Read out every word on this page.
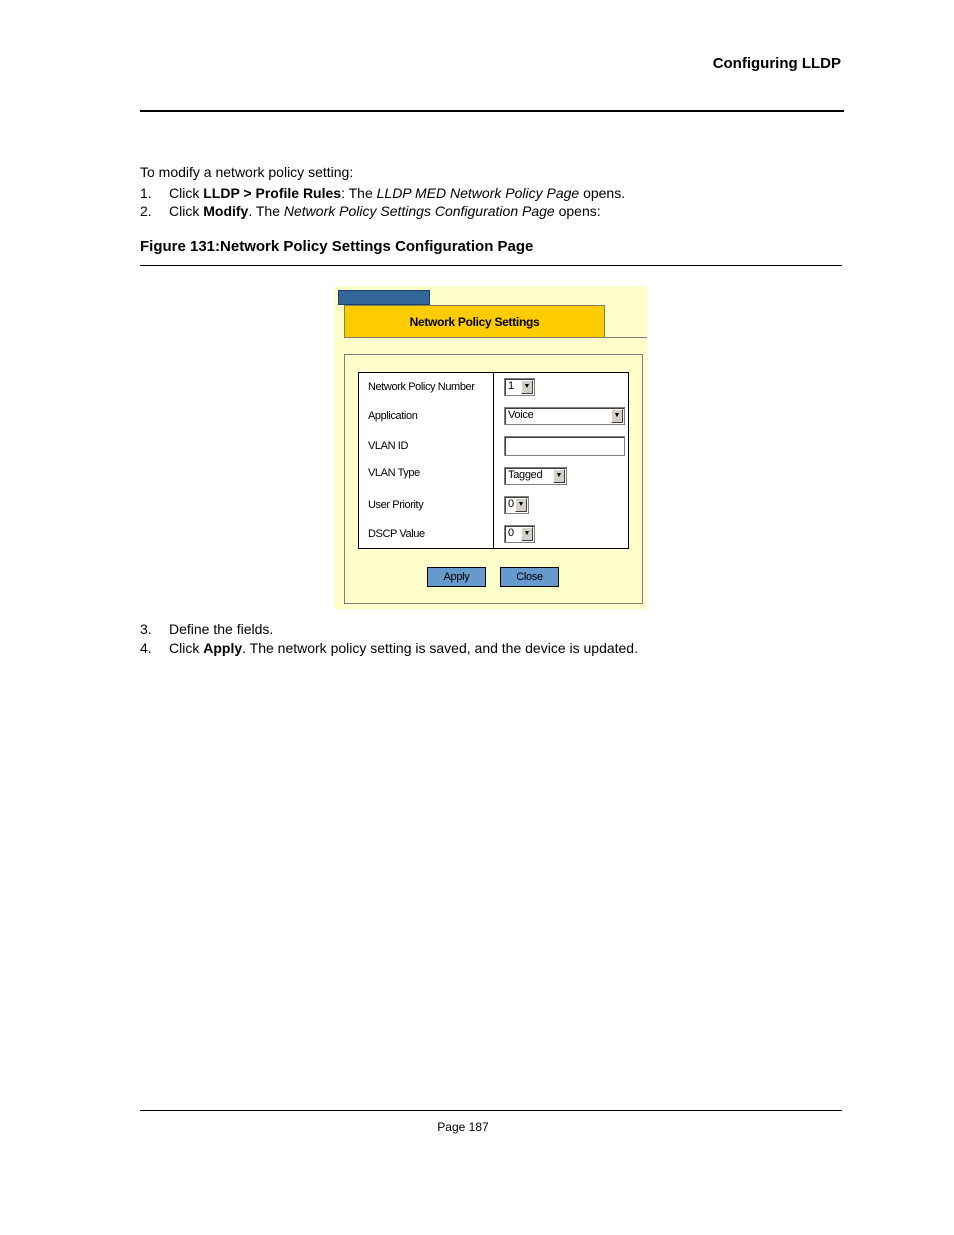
Configuring LLDP
To modify a network policy setting:
1. Click LLDP > Profile Rules: The LLDP MED Network Policy Page opens.
2. Click Modify. The Network Policy Settings Configuration Page opens:
Figure 131:Network Policy Settings Configuration Page
Network Policy Settings
Network Policy Number	1	▼
Application	Voice	▼
VLAN ID
VLAN Type	Tagged	▼
User Priority	0 ▼
DSCP Value	0	▼
Apply	Close
3. Define the fields.
4. Click Apply. The network policy setting is saved, and the device is updated.
Page 187
